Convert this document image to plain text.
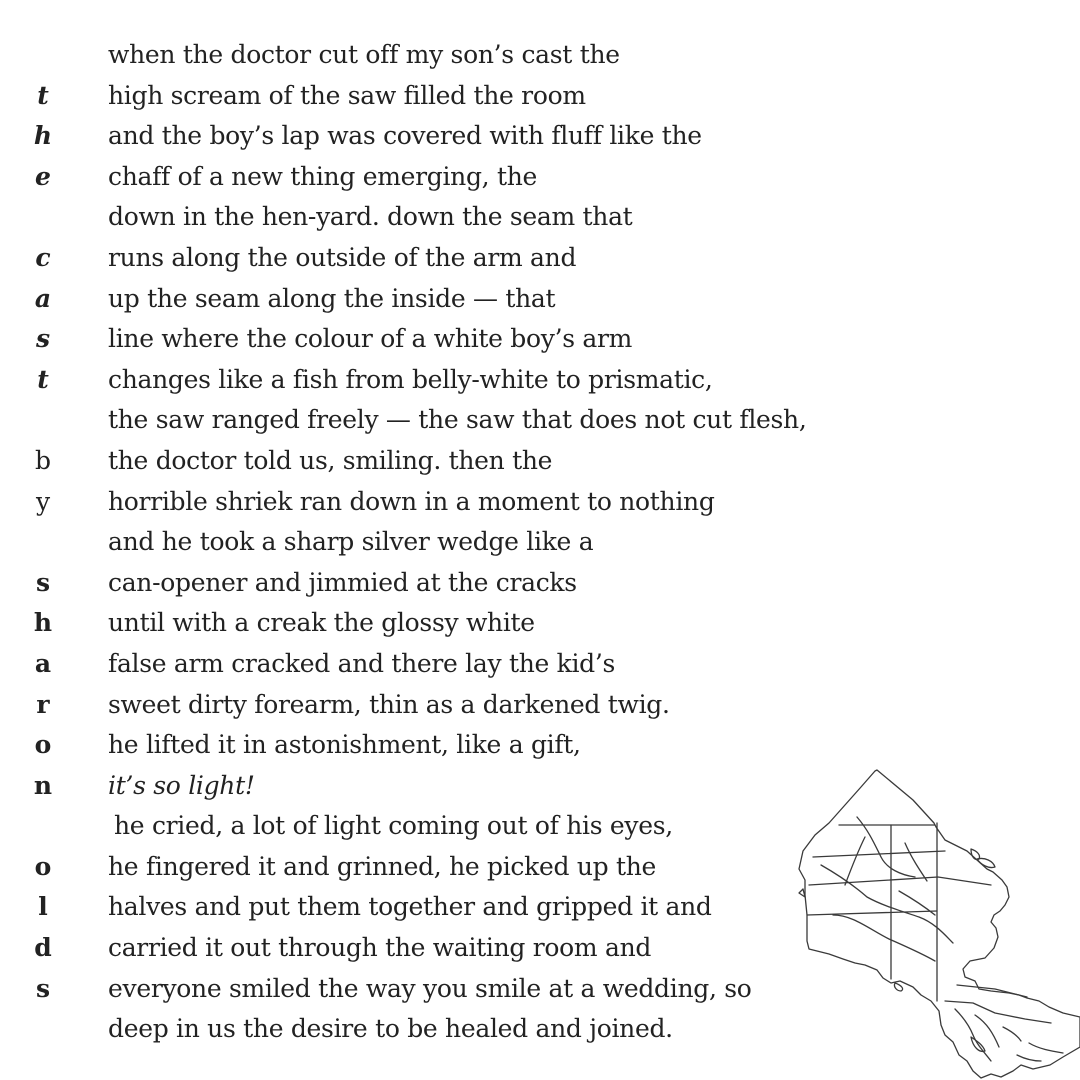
when the doctor cut off my son’s cast the
t high scream of the saw filled the room
h and the boy’s lap was covered with fluff like the
e chaff of a new thing emerging, the
down in the hen-yard. down the seam that
c runs along the outside of the arm and
a up the seam along the inside — that
s line where the colour of a white boy’s arm
t changes like a fish from belly-white to prismatic,
the saw ranged freely — the saw that does not cut flesh,
b the doctor told us, smiling. then the
y horrible shriek ran down in a moment to nothing
and he took a sharp silver wedge like a
s can-opener and jimmied at the cracks
h until with a creak the glossy white
a false arm cracked and there lay the kid’s
r sweet dirty forearm, thin as a darkened twig.
o he lifted it in astonishment, like a gift,
n it’s so light!
he cried, a lot of light coming out of his eyes,
o he fingered it and grinned, he picked up the
l halves and put them together and gripped it and
d carried it out through the waiting room and
s everyone smiled the way you smile at a wedding, so
deep in us the desire to be healed and joined.
